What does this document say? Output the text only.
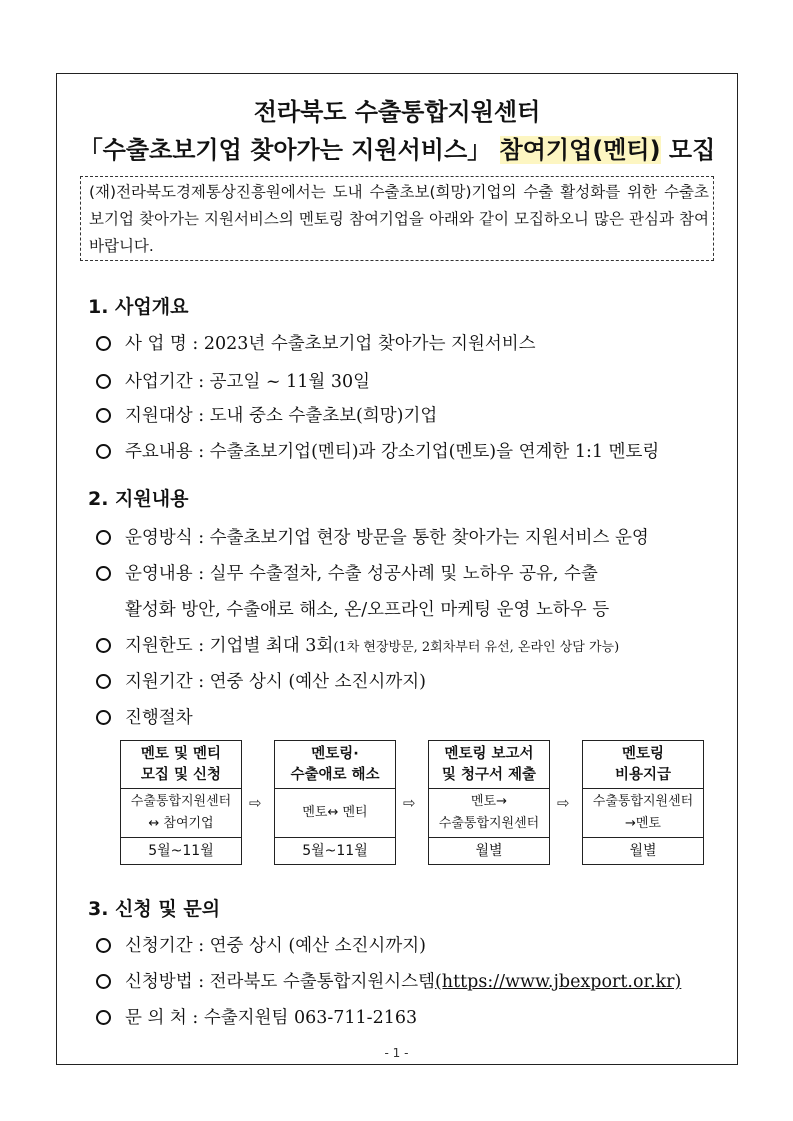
전라북도 수출통합지원센터
「수출초보기업 찾아가는 지원서비스」 참여기업(멘티) 모집
(재)전라북도경제통상진흥원에서는 도내 수출초보(희망)기업의 수출 활성화를 위한 수출초보기업 찾아가는 지원서비스의 멘토링 참여기업을 아래와 같이 모집하오니 많은 관심과 참여 바랍니다.
1. 사업개요
사 업 명 : 2023년 수출초보기업 찾아가는 지원서비스
사업기간 : 공고일 ~ 11월 30일
지원대상 : 도내 중소 수출초보(희망)기업
주요내용 : 수출초보기업(멘티)과 강소기업(멘토)을 연계한 1:1 멘토링
2. 지원내용
운영방식 : 수출초보기업 현장 방문을 통한 찾아가는 지원서비스 운영
운영내용 : 실무 수출절차, 수출 성공사례 및 노하우 공유, 수출
활성화 방안, 수출애로 해소, 온/오프라인 마케팅 운영 노하우 등
지원한도 : 기업별 최대 3회(1차 현장방문, 2회차부터 유선, 온라인 상담 가능)
지원기간 : 연중 상시 (예산 소진시까지)
진행절차
멘토 및 멘티
모집 및 신청
수출통합지원센터
↔ 참여기업
5월~11월
⇨
멘토링·
수출애로 해소
멘토↔ 멘티
5월~11월
⇨
멘토링 보고서
및 청구서 제출
멘토→
수출통합지원센터
월별
⇨
멘토링
비용지급
수출통합지원센터
→멘토
월별
3. 신청 및 문의
신청기간 : 연중 상시 (예산 소진시까지)
신청방법 : 전라북도 수출통합지원시스템(https://www.jbexport.or.kr)
문 의 처 : 수출지원팀 063-711-2163
- 1 -
